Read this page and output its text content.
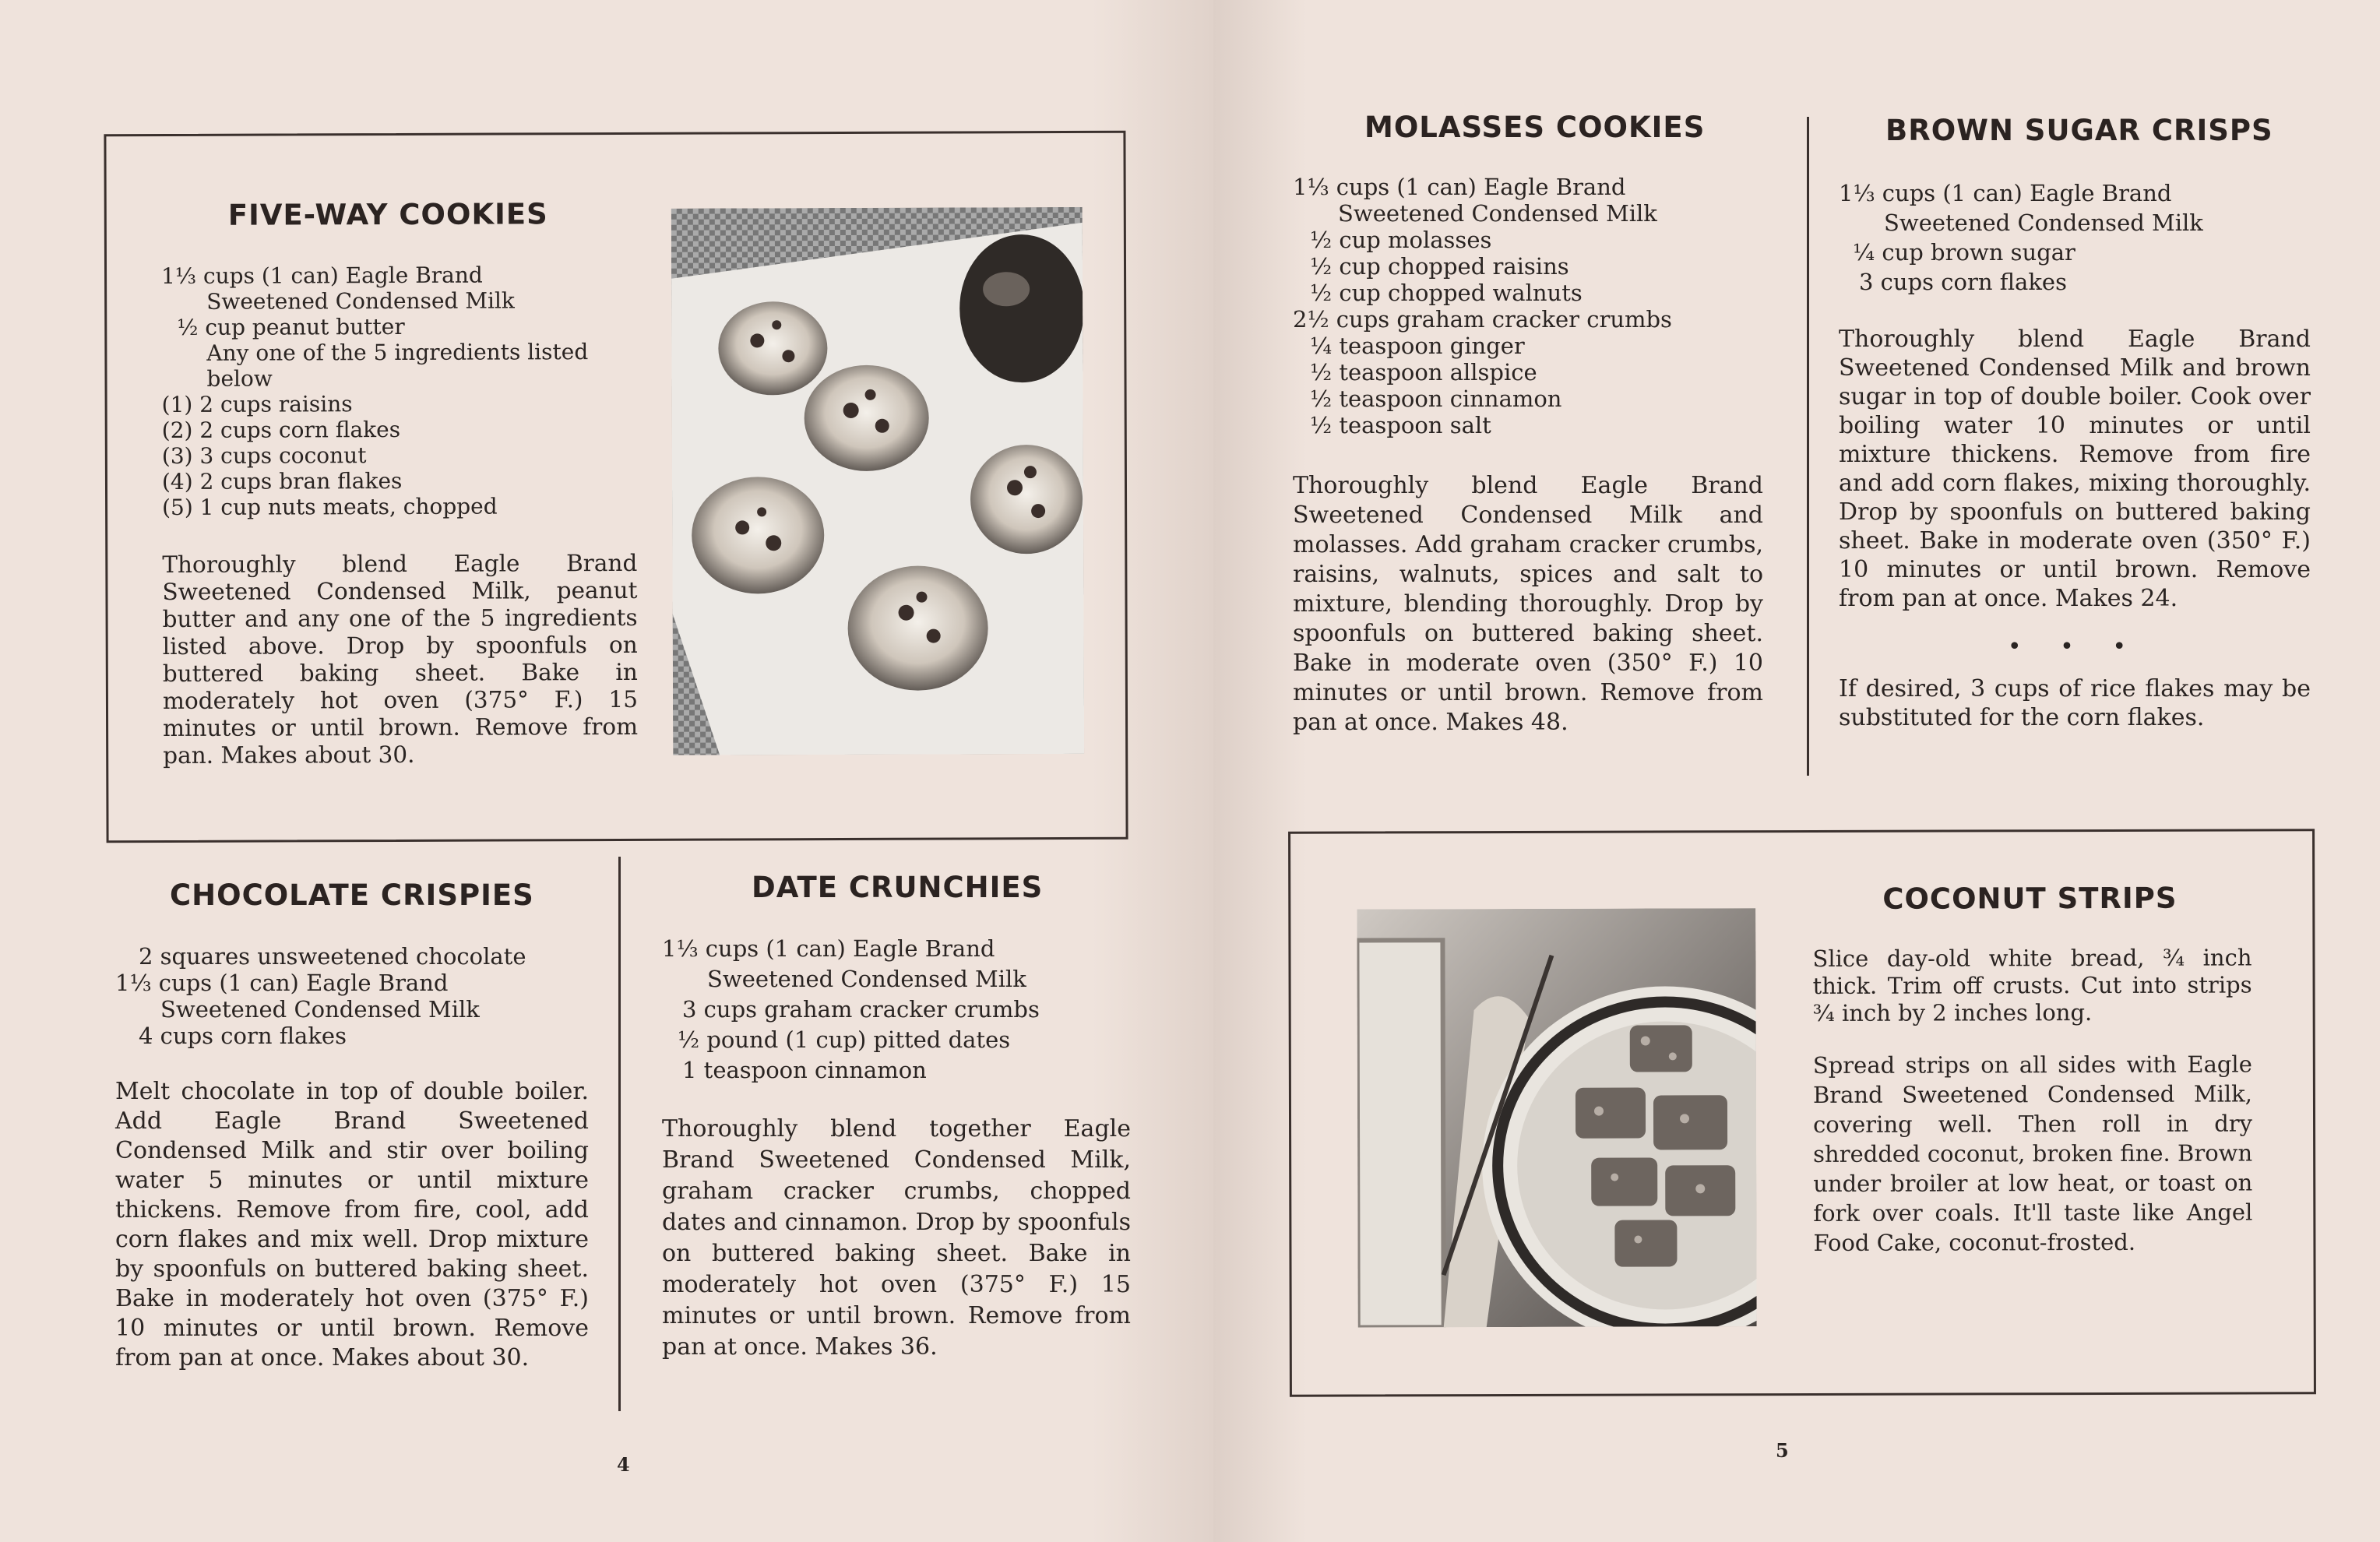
FIVE-WAY COOKIES
1⅓ cups (1 can) Eagle Brand
Sweetened Condensed Milk
½ cup peanut butter
Any one of the 5 ingredients listed
below
(1) 2 cups raisins
(2) 2 cups corn flakes
(3) 3 cups coconut
(4) 2 cups bran flakes
(5) 1 cup nuts meats, chopped

Thoroughly blend Eagle Brand Sweetened Condensed Milk, peanut butter and any one of the 5 ingredients listed above. Drop by spoonfuls on buttered baking sheet. Bake in moderately hot oven (375° F.) 15 minutes or until brown. Remove from pan. Makes about 30.

CHOCOLATE CRISPIES
2 squares unsweetened chocolate
1⅓ cups (1 can) Eagle Brand
Sweetened Condensed Milk
4 cups corn flakes

Melt chocolate in top of double boiler. Add Eagle Brand Sweetened Condensed Milk and stir over boiling water 5 minutes or until mixture thickens. Remove from fire, cool, add corn flakes and mix well. Drop mixture by spoonfuls on buttered baking sheet. Bake in moderately hot oven (375° F.) 10 minutes or until brown. Remove from pan at once. Makes about 30.

DATE CRUNCHIES
1⅓ cups (1 can) Eagle Brand
Sweetened Condensed Milk
3 cups graham cracker crumbs
½ pound (1 cup) pitted dates
1 teaspoon cinnamon

Thoroughly blend together Eagle Brand Sweetened Condensed Milk, graham cracker crumbs, chopped dates and cinnamon. Drop by spoonfuls on buttered baking sheet. Bake in moderately hot oven (375° F.) 15 minutes or until brown. Remove from pan at once. Makes 36.

4
MOLASSES COOKIES
1⅓ cups (1 can) Eagle Brand
Sweetened Condensed Milk
½ cup molasses
½ cup chopped raisins
½ cup chopped walnuts
2½ cups graham cracker crumbs
¼ teaspoon ginger
½ teaspoon allspice
½ teaspoon cinnamon
½ teaspoon salt

Thoroughly blend Eagle Brand Sweetened Condensed Milk and molasses. Add graham cracker crumbs, raisins, walnuts, spices and salt to mixture, blending thoroughly. Drop by spoonfuls on buttered baking sheet. Bake in moderate oven (350° F.) 10 minutes or until brown. Remove from pan at once. Makes 48.

BROWN SUGAR CRISPS
1⅓ cups (1 can) Eagle Brand
Sweetened Condensed Milk
¼ cup brown sugar
3 cups corn flakes

Thoroughly blend Eagle Brand Sweetened Condensed Milk and brown sugar in top of double boiler. Cook over boiling water 10 minutes or until mixture thickens. Remove from fire and add corn flakes, mixing thoroughly. Drop by spoonfuls on buttered baking sheet. Bake in moderate oven (350° F.) 10 minutes or until brown. Remove from pan at once. Makes 24.

• • •

If desired, 3 cups of rice flakes may be substituted for the corn flakes.

COCONUT STRIPS

Slice day-old white bread, ¾ inch thick. Trim off crusts. Cut into strips ¾ inch by 2 inches long.

Spread strips on all sides with Eagle Brand Sweetened Condensed Milk, covering well. Then roll in dry shredded coconut, broken fine. Brown under broiler at low heat, or toast on fork over coals. It'll taste like Angel Food Cake, coconut-frosted.

5
